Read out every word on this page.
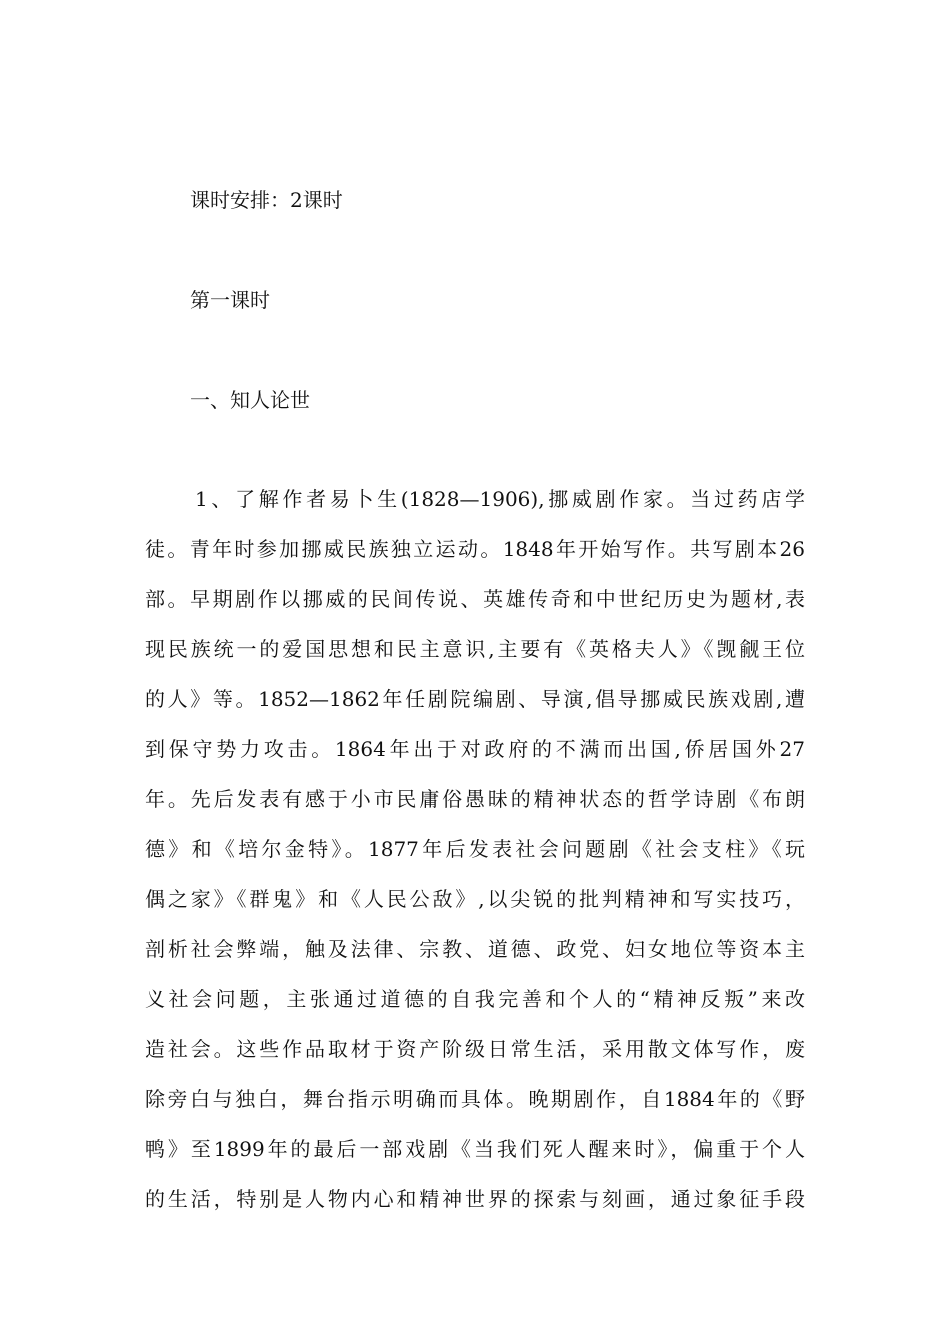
课时安排：2课时
第一课时
一、知人论世
1、了解作者易卜生(1828—1906),挪威剧作家。当过药店学
徒。青年时参加挪威民族独立运动。1848年开始写作。共写剧本26
部。早期剧作以挪威的民间传说、英雄传奇和中世纪历史为题材,表
现民族统一的爱国思想和民主意识,主要有《英格夫人》《觊觎王位
的人》等。1852—1862年任剧院编剧、导演,倡导挪威民族戏剧,遭
到保守势力攻击。1864年出于对政府的不满而出国,侨居国外27
年。先后发表有感于小市民庸俗愚昧的精神状态的哲学诗剧《布朗
德》和《培尔金特》。1877年后发表社会问题剧《社会支柱》《玩
偶之家》《群鬼》和《人民公敌》,以尖锐的批判精神和写实技巧，
剖析社会弊端，触及法律、宗教、道德、政党、妇女地位等资本主
义社会问题，主张通过道德的自我完善和个人的“精神反叛”来改
造社会。这些作品取材于资产阶级日常生活，采用散文体写作，废
除旁白与独白，舞台指示明确而具体。晚期剧作，自1884年的《野
鸭》至1899年的最后一部戏剧《当我们死人醒来时》，偏重于个人
的生活，特别是人物内心和精神世界的探索与刻画，通过象征手段
